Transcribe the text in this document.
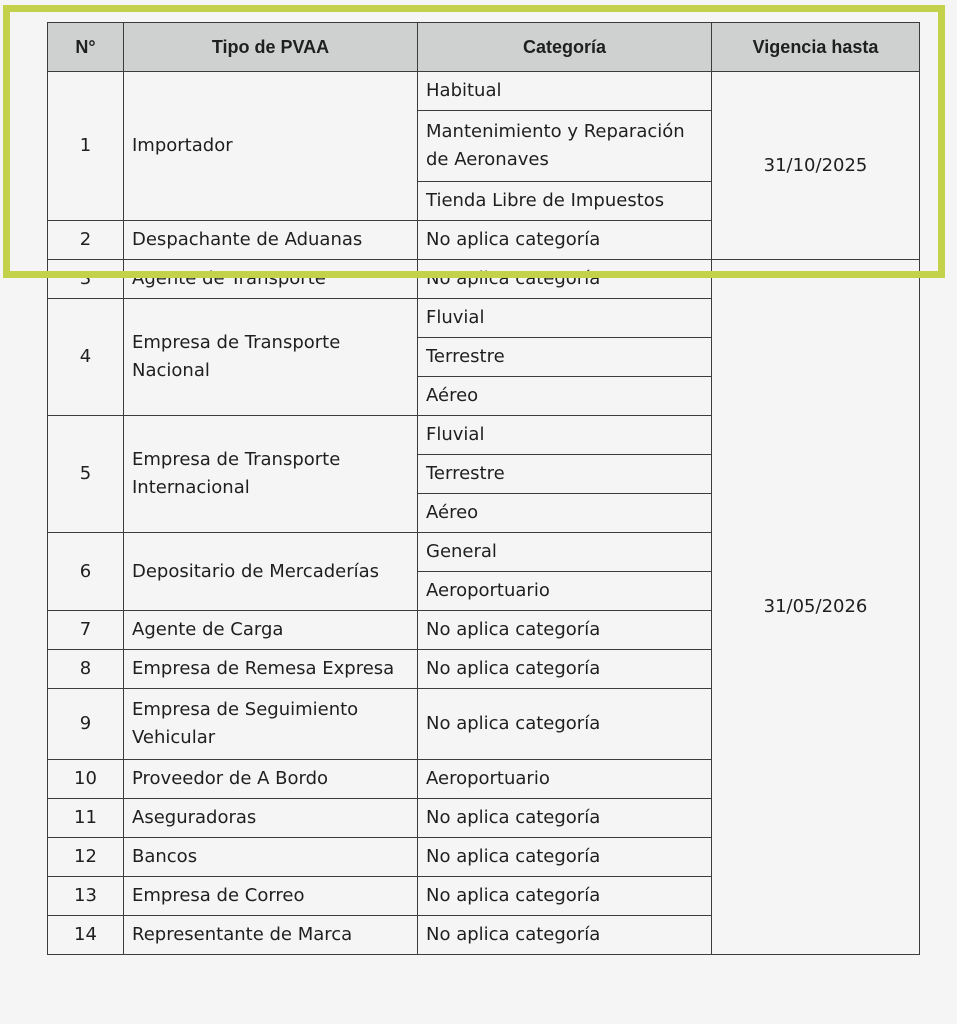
N°	Tipo de PVAA	Categoría	Vigencia hasta
1	Importador	Habitual	31/10/2025
		Mantenimiento y Reparación de Aeronaves	
		Tienda Libre de Impuestos	
2	Despachante de Aduanas	No aplica categoría	
3	Agente de Transporte	No aplica categoría	31/05/2026
4	Empresa de Transporte Nacional	Fluvial	
		Terrestre	
		Aéreo	
5	Empresa de Transporte Internacional	Fluvial	
		Terrestre	
		Aéreo	
6	Depositario de Mercaderías	General	
		Aeroportuario	
7	Agente de Carga	No aplica categoría	
8	Empresa de Remesa Expresa	No aplica categoría	
9	Empresa de Seguimiento Vehicular	No aplica categoría	
10	Proveedor de A Bordo	Aeroportuario	
11	Aseguradoras	No aplica categoría	
12	Bancos	No aplica categoría	
13	Empresa de Correo	No aplica categoría	
14	Representante de Marca	No aplica categoría	
